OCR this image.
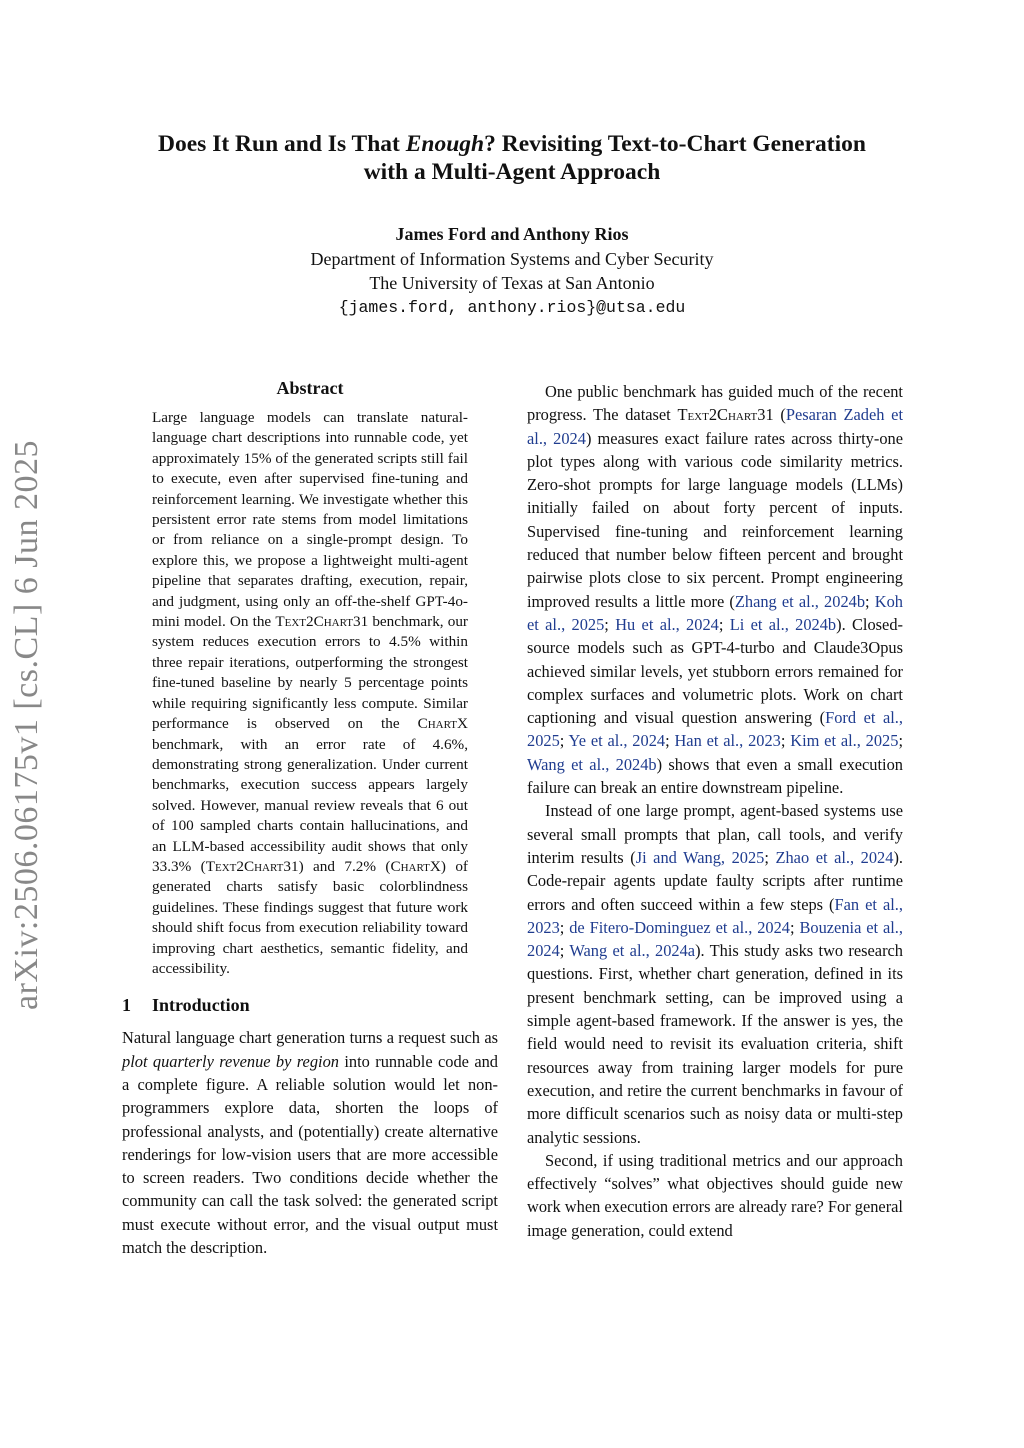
arXiv:2506.06175v1 [cs.CL] 6 Jun 2025
Does It Run and Is That Enough? Revisiting Text-to-Chart Generation
with a Multi-Agent Approach
James Ford and Anthony Rios
Department of Information Systems and Cyber Security
The University of Texas at San Antonio
{james.ford, anthony.rios}@utsa.edu
Abstract
Large language models can translate natural-language chart descriptions into runnable code, yet approximately 15% of the generated scripts still fail to execute, even after supervised fine-tuning and reinforcement learning. We investigate whether this persistent error rate stems from model limitations or from reliance on a single-prompt design. To explore this, we propose a lightweight multi-agent pipeline that separates drafting, execution, repair, and judgment, using only an off-the-shelf GPT-4o-mini model. On the Text2Chart31 benchmark, our system reduces execution errors to 4.5% within three repair iterations, outperforming the strongest fine-tuned baseline by nearly 5 percentage points while requiring significantly less compute. Similar performance is observed on the ChartX benchmark, with an error rate of 4.6%, demonstrating strong generalization. Under current benchmarks, execution success appears largely solved. However, manual review reveals that 6 out of 100 sampled charts contain hallucinations, and an LLM-based accessibility audit shows that only 33.3% (Text2Chart31) and 7.2% (ChartX) of generated charts satisfy basic colorblindness guidelines. These findings suggest that future work should shift focus from execution reliability toward improving chart aesthetics, semantic fidelity, and accessibility.
1 Introduction

Natural language chart generation turns a request such as plot quarterly revenue by region into runnable code and a complete figure. A reliable solution would let non-programmers explore data, shorten the loops of professional analysts, and (potentially) create alternative renderings for low-vision users that are more accessible to screen readers. Two conditions decide whether the community can call the task solved: the generated script must execute without error, and the visual output must match the description.

One public benchmark has guided much of the recent progress. The dataset Text2Chart31 (Pesaran Zadeh et al., 2024) measures exact failure rates across thirty-one plot types along with various code similarity metrics. Zero-shot prompts for large language models (LLMs) initially failed on about forty percent of inputs. Supervised fine-tuning and reinforcement learning reduced that number below fifteen percent and brought pairwise plots close to six percent. Prompt engineering improved results a little more (Zhang et al., 2024b; Koh et al., 2025; Hu et al., 2024; Li et al., 2024b). Closed-source models such as GPT-4-turbo and Claude3Opus achieved similar levels, yet stubborn errors remained for complex surfaces and volumetric plots. Work on chart captioning and visual question answering (Ford et al., 2025; Ye et al., 2024; Han et al., 2023; Kim et al., 2025; Wang et al., 2024b) shows that even a small execution failure can break an entire downstream pipeline.

Instead of one large prompt, agent-based systems use several small prompts that plan, call tools, and verify interim results (Ji and Wang, 2025; Zhao et al., 2024). Code-repair agents update faulty scripts after runtime errors and often succeed within a few steps (Fan et al., 2023; de Fitero-Dominguez et al., 2024; Bouzenia et al., 2024; Wang et al., 2024a). This study asks two research questions. First, whether chart generation, defined in its present benchmark setting, can be improved using a simple agent-based framework. If the answer is yes, the field would need to revisit its evaluation criteria, shift resources away from training larger models for pure execution, and retire the current benchmarks in favour of more difficult scenarios such as noisy data or multi-step analytic sessions.

Second, if using traditional metrics and our approach effectively “solves” what objectives should guide new work when execution errors are already rare? For general image generation, could extend
